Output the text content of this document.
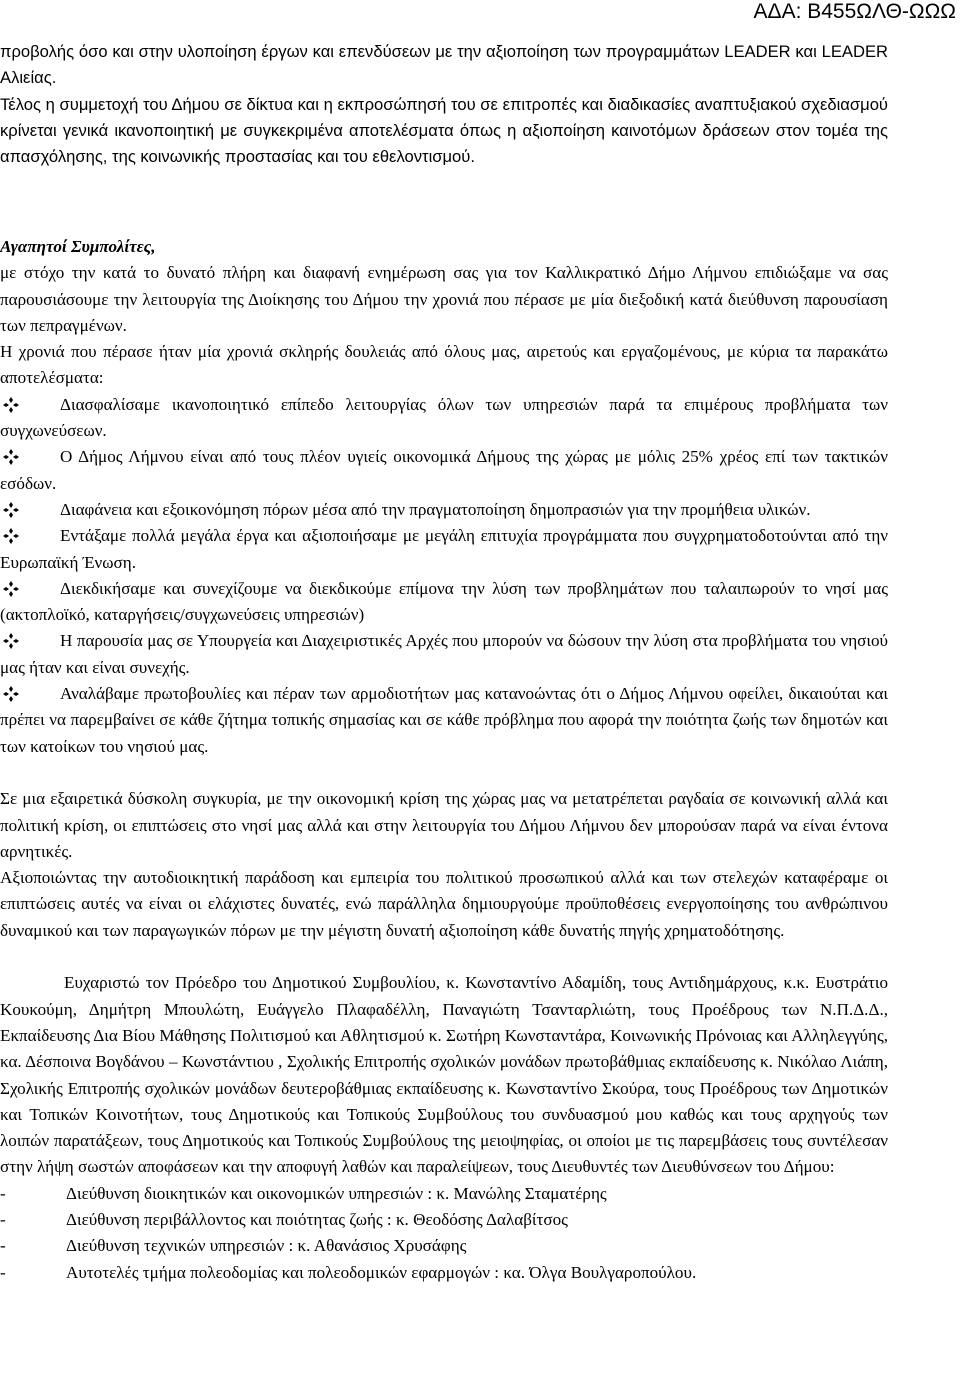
ΑΔΑ: Β455ΩΛΘ-ΩΩΩ

προβολής όσο και στην υλοποίηση έργων και επενδύσεων με την αξιοποίηση των προγραμμάτων LEADER και LEADER Αλιείας.

Τέλος η συμμετοχή του Δήμου σε δίκτυα και η εκπροσώπησή του σε επιτροπές και διαδικασίες αναπτυξιακού σχεδιασμού κρίνεται γενικά ικανοποιητική με συγκεκριμένα αποτελέσματα όπως η αξιοποίηση καινοτόμων δράσεων στον τομέα της απασχόλησης, της κοινωνικής προστασίας και του εθελοντισμού.

Αγαπητοί Συμπολίτες,

με στόχο την κατά το δυνατό πλήρη και διαφανή ενημέρωση σας για τον Καλλικρατικό Δήμο Λήμνου επιδιώξαμε να σας παρουσιάσουμε την λειτουργία της Διοίκησης του Δήμου την χρονιά που πέρασε με μία διεξοδική κατά διεύθυνση παρουσίαση των πεπραγμένων.

Η χρονιά που πέρασε ήταν μία χρονιά σκληρής δουλειάς από όλους μας, αιρετούς και εργαζομένους, με κύρια τα παρακάτω αποτελέσματα:

Διασφαλίσαμε ικανοποιητικό επίπεδο λειτουργίας όλων των υπηρεσιών παρά τα επιμέρους προβλήματα των συγχωνεύσεων.
Ο Δήμος Λήμνου είναι από τους πλέον υγιείς οικονομικά Δήμους της χώρας με μόλις 25% χρέος επί των τακτικών εσόδων.
Διαφάνεια και εξοικονόμηση πόρων μέσα από την πραγματοποίηση δημοπρασιών για την προμήθεια υλικών.
Εντάξαμε πολλά μεγάλα έργα και αξιοποιήσαμε με μεγάλη επιτυχία προγράμματα που συγχρηματοδοτούνται από την Ευρωπαϊκή Ένωση.
Διεκδικήσαμε και συνεχίζουμε να διεκδικούμε επίμονα την λύση των προβλημάτων που ταλαιπωρούν το νησί μας (ακτοπλοϊκό, καταργήσεις/συγχωνεύσεις υπηρεσιών)
Η παρουσία μας σε Υπουργεία και Διαχειριστικές Αρχές που μπορούν να δώσουν την λύση στα προβλήματα του νησιού μας ήταν και είναι συνεχής.
Αναλάβαμε πρωτοβουλίες και πέραν των αρμοδιοτήτων μας κατανοώντας ότι ο Δήμος Λήμνου οφείλει, δικαιούται και πρέπει να παρεμβαίνει σε κάθε ζήτημα τοπικής σημασίας και σε κάθε πρόβλημα που αφορά την ποιότητα ζωής των δημοτών και των κατοίκων του νησιού μας.

Σε μια εξαιρετικά δύσκολη συγκυρία, με την οικονομική κρίση της χώρας μας να μετατρέπεται ραγδαία σε κοινωνική αλλά και πολιτική κρίση, οι επιπτώσεις στο νησί μας αλλά και στην λειτουργία του Δήμου Λήμνου δεν μπορούσαν παρά να είναι έντονα αρνητικές.

Αξιοποιώντας την αυτοδιοικητική παράδοση και εμπειρία του πολιτικού προσωπικού αλλά και των στελεχών καταφέραμε οι επιπτώσεις αυτές να είναι οι ελάχιστες δυνατές, ενώ παράλληλα δημιουργούμε προϋποθέσεις ενεργοποίησης του ανθρώπινου δυναμικού και των παραγωγικών πόρων με την μέγιστη δυνατή αξιοποίηση κάθε δυνατής πηγής χρηματοδότησης.

Ευχαριστώ τον Πρόεδρο του Δημοτικού Συμβουλίου, κ. Κωνσταντίνο Αδαμίδη, τους Αντιδημάρχους, κ.κ. Ευστράτιο Κουκούμη, Δημήτρη Μπουλώτη, Ευάγγελο Πλαφαδέλλη, Παναγιώτη Τσανταρλιώτη, τους Προέδρους των Ν.Π.Δ.Δ., Εκπαίδευσης Δια Βίου Μάθησης Πολιτισμού και Αθλητισμού κ. Σωτήρη Κωνσταντάρα, Κοινωνικής Πρόνοιας και Αλληλεγγύης, κα. Δέσποινα Βογδάνου – Κωνστάντιου , Σχολικής Επιτροπής σχολικών μονάδων πρωτοβάθμιας εκπαίδευσης κ. Νικόλαο Λιάπη, Σχολικής Επιτροπής σχολικών μονάδων δευτεροβάθμιας εκπαίδευσης κ. Κωνσταντίνο Σκούρα, τους Προέδρους των Δημοτικών και Τοπικών Κοινοτήτων, τους Δημοτικούς και Τοπικούς Συμβούλους του συνδυασμού μου καθώς και τους αρχηγούς των λοιπών παρατάξεων, τους Δημοτικούς και Τοπικούς Συμβούλους της μειοψηφίας, οι οποίοι με τις παρεμβάσεις τους συντέλεσαν στην λήψη σωστών αποφάσεων και την αποφυγή λαθών και παραλείψεων, τους Διευθυντές των Διευθύνσεων του Δήμου:

-	Διεύθυνση διοικητικών και οικονομικών υπηρεσιών : κ. Μανώλης Σταματέρης
-	Διεύθυνση περιβάλλοντος και ποιότητας ζωής : κ. Θεοδόσης Δαλαβίτσος
-	Διεύθυνση τεχνικών υπηρεσιών : κ. Αθανάσιος Χρυσάφης
-	Αυτοτελές τμήμα πολεοδομίας και πολεοδομικών εφαρμογών : κα. Όλγα Βουλγαροπούλου.
